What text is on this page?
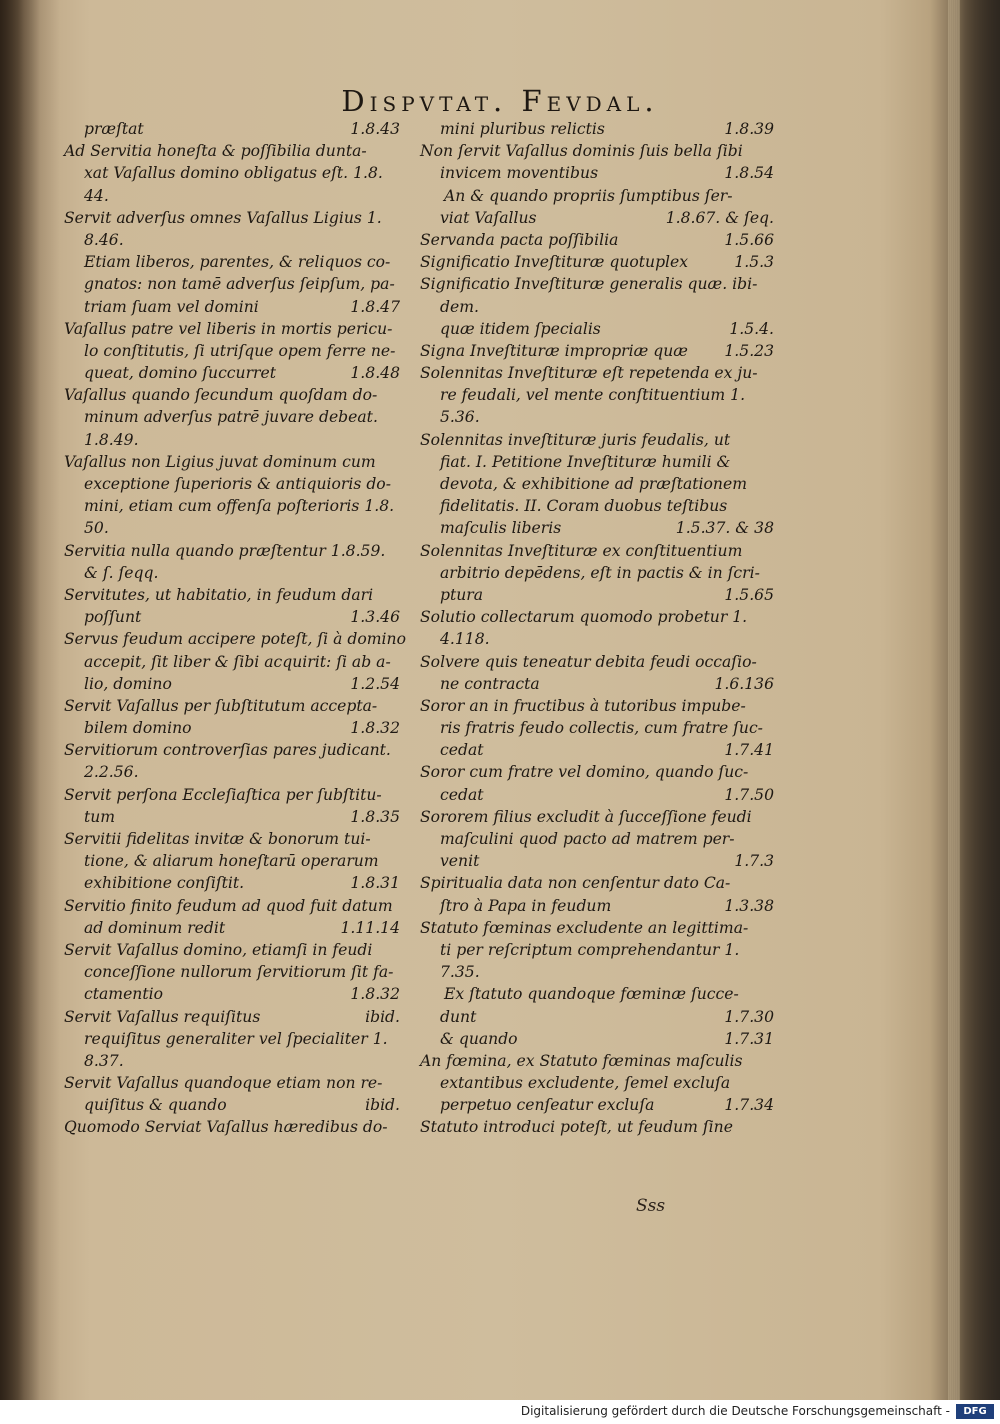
Dispvtat. Fevdal.
præſtat	1.8.43
Ad Servitia honeſta & poſſibilia dunta-
xat Vaſallus domino obligatus eſt. 1.8.
44.
Servit adverſus omnes Vaſallus Ligius 1.
8.46.
Etiam liberos, parentes, & reliquos co-
gnatos: non tamē adverſus ſeipſum, pa-
triam ſuam vel domini	1.8.47
Vaſallus patre vel liberis in mortis pericu-
lo conſtitutis, ſi utriſque opem ferre ne-
queat, domino ſuccurret	1.8.48
Vaſallus quando ſecundum quoſdam do-
minum adverſus patrē juvare debeat.
1.8.49.
Vaſallus non Ligius juvat dominum cum
exceptione ſuperioris & antiquioris do-
mini, etiam cum offenſa poſterioris 1.8.
50.
Servitia nulla quando præſtentur 1.8.59.
& ſ. ſeqq.
Servitutes, ut habitatio, in feudum dari
poſſunt	1.3.46
Servus feudum accipere poteſt, ſi à domino
accepit, ſit liber & ſibi acquirit: ſi ab a-
lio, domino	1.2.54
Servit Vaſallus per ſubſtitutum accepta-
bilem domino	1.8.32
Servitiorum controverſias pares judicant.
2.2.56.
Servit perſona Eccleſiaſtica per ſubſtitu-
tum	1.8.35
Servitii fidelitas invitæ & bonorum tui-
tione, & aliarum honeſtarū operarum
exhibitione conſiſtit.	1.8.31
Servitio finito feudum ad quod fuit datum
ad dominum redit	1.11.14
Servit Vaſallus domino, etiamſi in feudi
conceſſione nullorum ſervitiorum ſit fa-
ctamentio	1.8.32
Servit Vaſallus requiſitus	ibid.
requiſitus generaliter vel ſpecialiter 1.
8.37.
Servit Vaſallus quandoque etiam non re-
quiſitus & quando	ibid.
Quomodo Serviat Vaſallus hæredibus do-
mini pluribus relictis	1.8.39
Non ſervit Vaſallus dominis ſuis bella ſibi
invicem moventibus	1.8.54
An & quando propriis ſumptibus ſer-
viat Vaſallus	1.8.67. & ſeq.
Servanda pacta poſſibilia	1.5.66
Significatio Inveſtituræ quotuplex	1.5.3
Significatio Inveſtituræ generalis quæ. ibi-
dem.
quæ itidem ſpecialis	1.5.4.
Signa Inveſtituræ impropriæ quæ 1.5.23
Solennitas Inveſtituræ eſt repetenda ex ju-
re feudali, vel mente conſtituentium 1.
5.36.
Solennitas inveſtituræ juris feudalis, ut
fiat. I. Petitione Inveſtituræ humili &
devota, & exhibitione ad præſtationem
fidelitatis. II. Coram duobus teſtibus
maſculis liberis	1.5.37. & 38
Solennitas Inveſtituræ ex conſtituentium
arbitrio depēdens, eſt in pactis & in ſcri-
ptura	1.5.65
Solutio collectarum quomodo probetur 1.
4.118.
Solvere quis teneatur debita feudi occaſio-
ne contracta	1.6.136
Soror an in fructibus à tutoribus impube-
ris fratris feudo collectis, cum fratre ſuc-
cedat	1.7.41
Soror cum fratre vel domino, quando ſuc-
cedat	1.7.50
Sororem filius excludit à ſucceſſione feudi
maſculini quod pacto ad matrem per-
venit	1.7.3
Spiritualia data non cenſentur dato Ca-
ſtro à Papa in feudum	1.3.38
Statuto fœminas excludente an legittima-
ti per reſcriptum comprehendantur 1.
7.35.
Ex ſtatuto quandoque fœminæ ſucce-
dunt	1.7.30
& quando	1.7.31
An fœmina, ex Statuto fœminas maſculis
extantibus excludente, ſemel excluſa
perpetuo cenſeatur excluſa	1.7.34
Statuto introduci poteſt, ut feudum ſine
Sss
Digitalisierung gefördert durch die Deutsche Forschungsgemeinschaft -	DFG
